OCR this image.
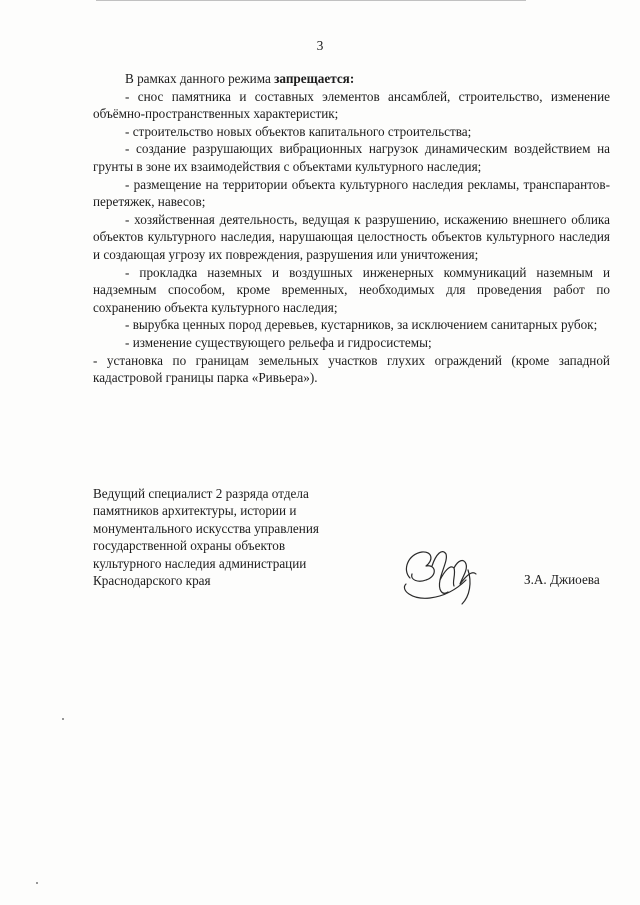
3

В рамках данного режима запрещается:

- снос памятника и составных элементов ансамблей, строительство, изменение объёмно-пространственных характеристик;

- строительство новых объектов капитального строительства;

- создание разрушающих вибрационных нагрузок динамическим воздействием на грунты в зоне их взаимодействия с объектами культурного наследия;

- размещение на территории объекта культурного наследия рекламы, транспарантов-перетяжек, навесов;

- хозяйственная деятельность, ведущая к разрушению, искажению внешнего облика объектов культурного наследия, нарушающая целостность объектов культурного наследия и создающая угрозу их повреждения, разрушения или уничтожения;

- прокладка наземных и воздушных инженерных коммуникаций наземным и надземным способом, кроме временных, необходимых для проведения работ по сохранению объекта культурного наследия;

- вырубка ценных пород деревьев, кустарников, за исключением санитарных рубок;

- изменение существующего рельефа и гидросистемы;

- установка по границам земельных участков глухих ограждений (кроме западной кадастровой границы парка «Ривьера»).

Ведущий специалист 2 разряда отдела
памятников архитектуры, истории и
монументального искусства управления
государственной охраны объектов
культурного наследия администрации
Краснодарского края	З.А. Джиоева
